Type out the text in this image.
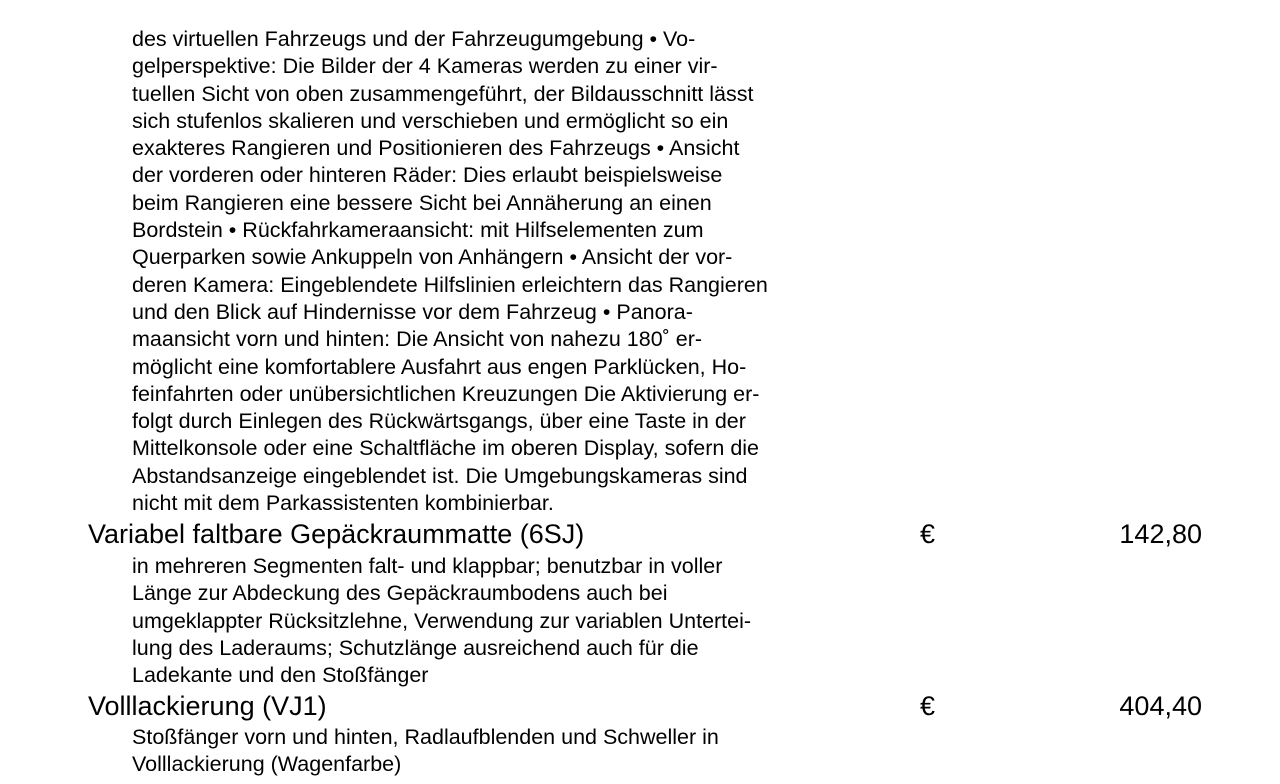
des virtuellen Fahrzeugs und der Fahrzeugumgebung • Vo-
gelperspektive: Die Bilder der 4 Kameras werden zu einer vir-
tuellen Sicht von oben zusammengeführt, der Bildausschnitt lässt
sich stufenlos skalieren und verschieben und ermöglicht so ein
exakteres Rangieren und Positionieren des Fahrzeugs • Ansicht
der vorderen oder hinteren Räder: Dies erlaubt beispielsweise
beim Rangieren eine bessere Sicht bei Annäherung an einen
Bordstein • Rückfahrkameraansicht: mit Hilfselementen zum
Querparken sowie Ankuppeln von Anhängern • Ansicht der vor-
deren Kamera: Eingeblendete Hilfslinien erleichtern das Rangieren
und den Blick auf Hindernisse vor dem Fahrzeug • Panora-
maansicht vorn und hinten: Die Ansicht von nahezu 180˚ er-
möglicht eine komfortablere Ausfahrt aus engen Parklücken, Ho-
feinfahrten oder unübersichtlichen Kreuzungen Die Aktivierung er-
folgt durch Einlegen des Rückwärtsgangs, über eine Taste in der
Mittelkonsole oder eine Schaltfläche im oberen Display, sofern die
Abstandsanzeige eingeblendet ist. Die Umgebungskameras sind
nicht mit dem Parkassistenten kombinierbar.
Variabel faltbare Gepäckraummatte (6SJ)	€	142,80
in mehreren Segmenten falt- und klappbar; benutzbar in voller
Länge zur Abdeckung des Gepäckraumbodens auch bei
umgeklappter Rücksitzlehne, Verwendung zur variablen Untertei-
lung des Laderaums; Schutzlänge ausreichend auch für die
Ladekante und den Stoßfänger
Volllackierung (VJ1)	€	404,40
Stoßfänger vorn und hinten, Radlaufblenden und Schweller in
Volllackierung (Wagenfarbe)
